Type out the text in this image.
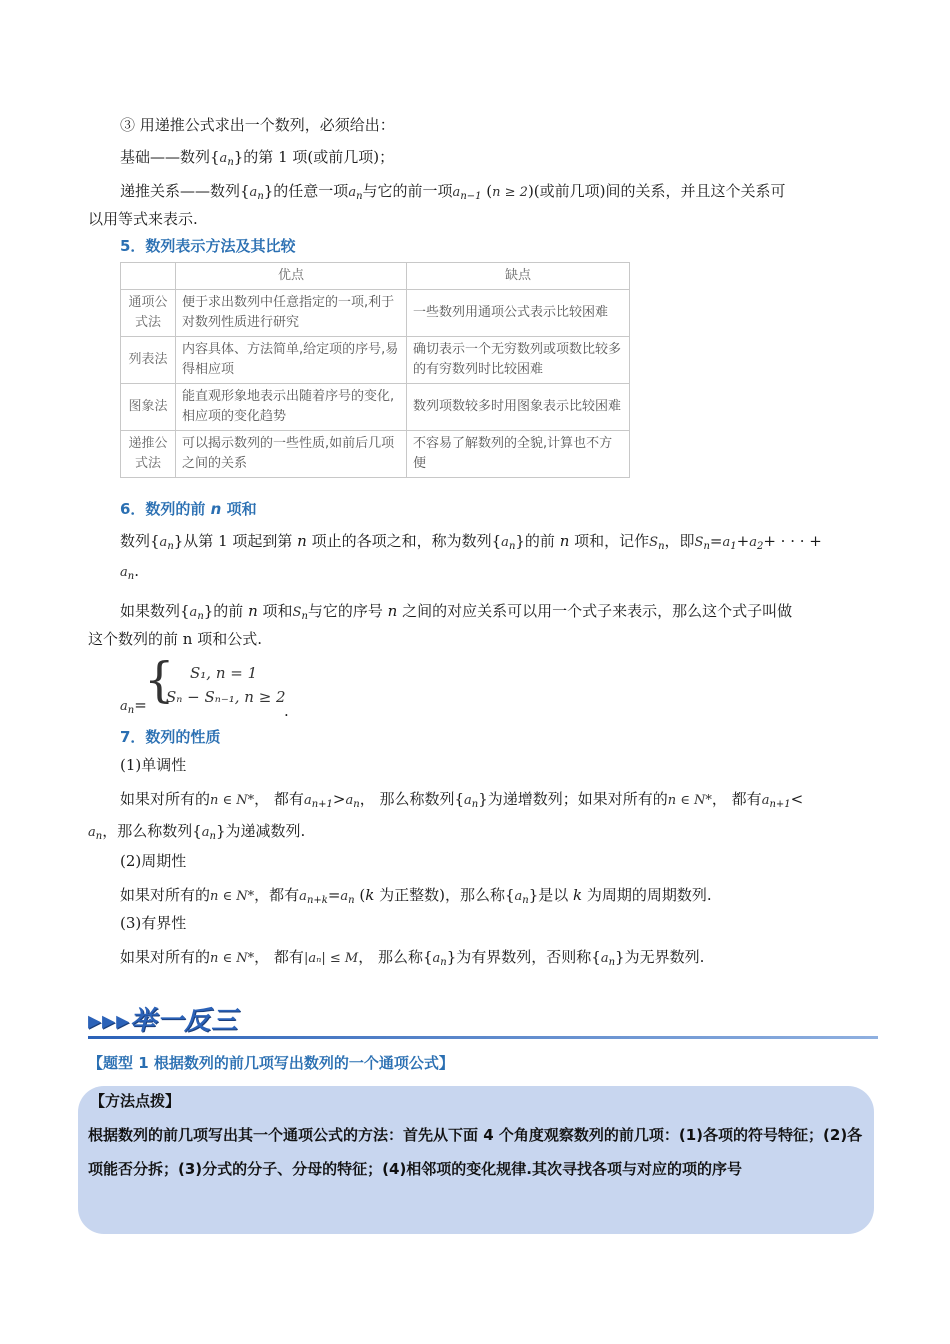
③ 用递推公式求出一个数列，必须给出：
基础——数列$\{a_n\}$的第 1 项(或前几项)；
递推关系——数列$\{a_n\}$的任意一项$a_n$与它的前一项$a_{n-1}$ (n ≥ 2)(或前几项)间的关系，并且这个关系可
以用等式来表示.
5．数列表示方法及其比较
	优点	缺点
通项公式法	便于求出数列中任意指定的一项,利于对数列性质进行研究	一些数列用通项公式表示比较困难
列表法	内容具体、方法简单,给定项的序号,易得相应项	确切表示一个无穷数列或项数比较多的有穷数列时比较困难
图象法	能直观形象地表示出随着序号的变化,相应项的变化趋势	数列项数较多时用图象表示比较困难
递推公式法	可以揭示数列的一些性质,如前后几项之间的关系	不容易了解数列的全貌,计算也不方便
6．数列的前 n 项和
数列$\{a_n\}$从第 1 项起到第 n 项止的各项之和，称为数列$\{a_n\}$的前 n 项和，记作$S_n$，即$S_n=a_1+a_2+$ · · · +
$a_n$.
如果数列$\{a_n\}$的前 n 项和$S_n$与它的序号 n 之间的对应关系可以用一个式子来表示，那么这个式子叫做
这个数列的前 n 项和公式.
$a_n=$
{ S₁, n = 1
Sₙ − Sₙ₋₁, n ≥ 2
.
7．数列的性质
(1)单调性
如果对所有的n ∈ N*， 都有$a_{n+1}>a_n$， 那么称数列$\{a_n\}$为递增数列；如果对所有的n ∈ N*， 都有$a_{n+1}<$
$a_n$，那么称数列$\{a_n\}$为递减数列.
(2)周期性
如果对所有的n ∈ N*，都有$a_{n+k}=a_n$ (k 为正整数)，那么称$\{a_n\}$是以 k 为周期的周期数列.
(3)有界性
如果对所有的n ∈ N*， 都有|aₙ| ≤ M， 那么称$\{a_n\}$为有界数列，否则称$\{a_n\}$为无界数列.
▸▸▸举一反三
【题型 1 根据数列的前几项写出数列的一个通项公式】
【方法点拨】
根据数列的前几项写出其一个通项公式的方法：首先从下面 4 个角度观察数列的前几项：(1)各项的符号特征；(2)各项能否分拆；(3)分式的分子、分母的特征；(4)相邻项的变化规律.其次寻找各项与对应的项的序号
